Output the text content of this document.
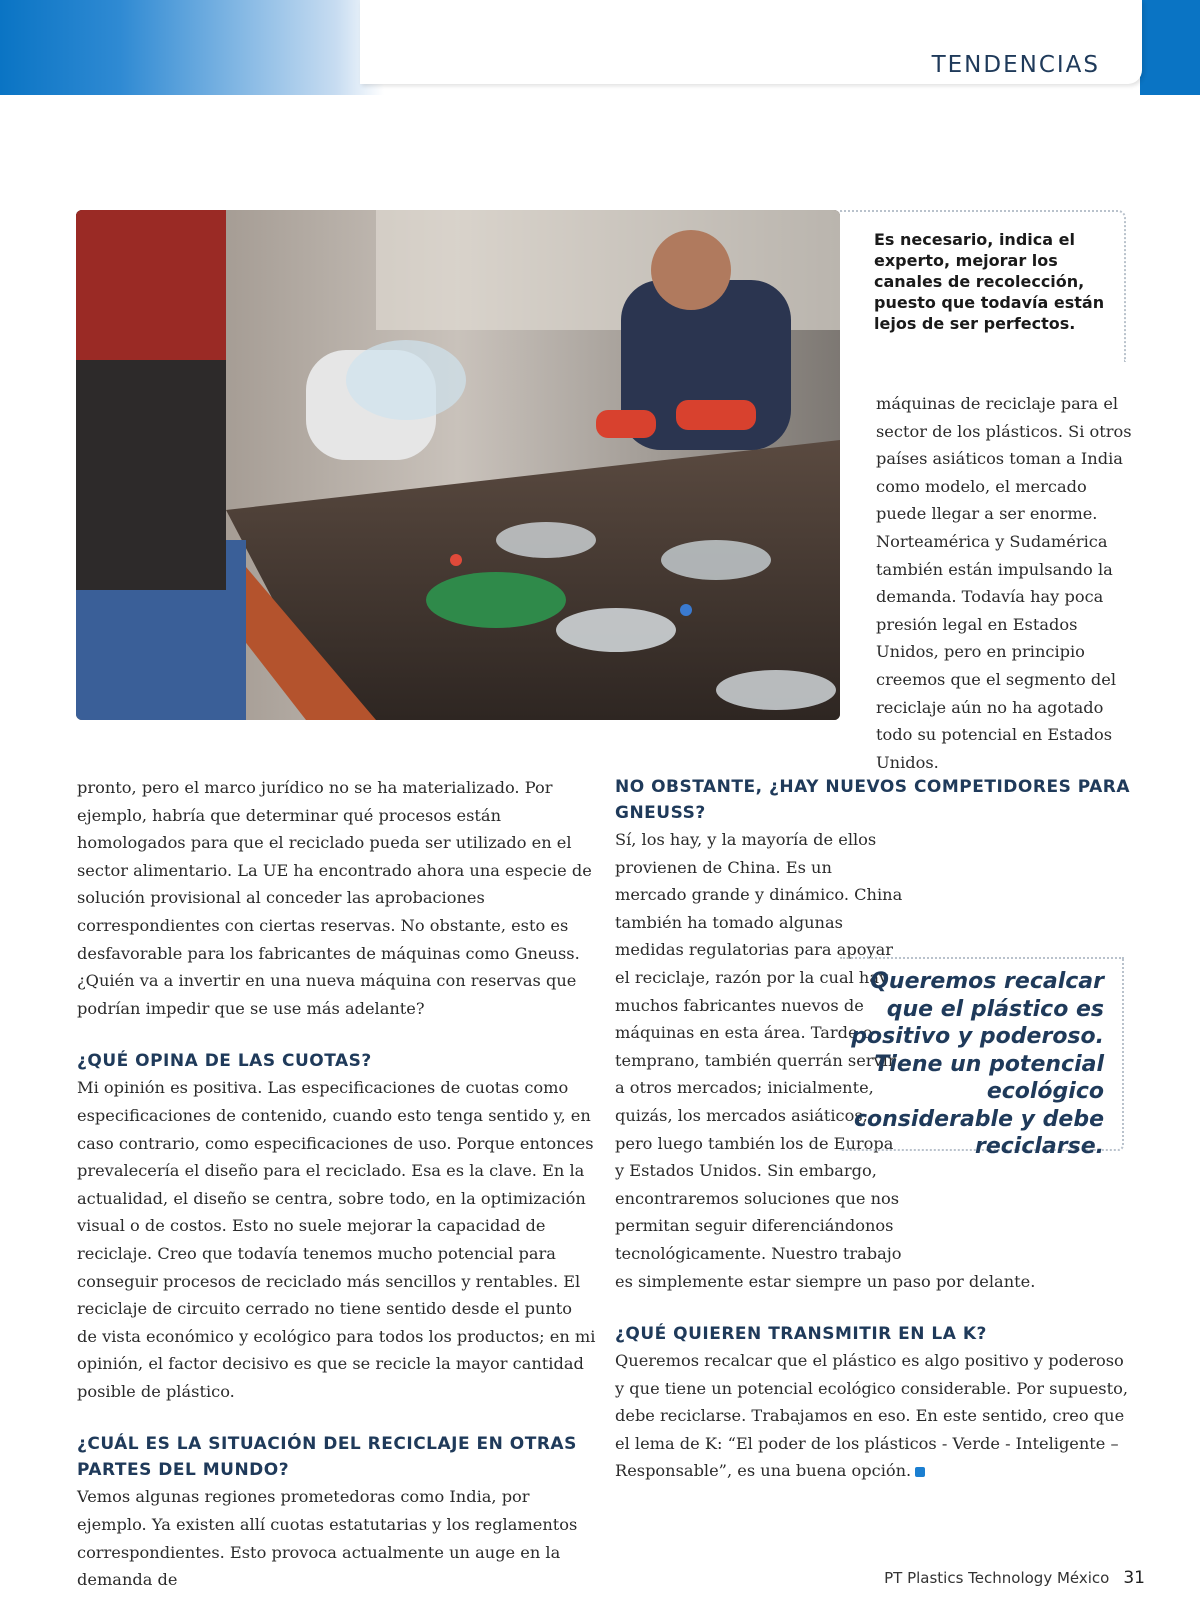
TENDENCIAS
Es necesario, indica el experto, mejorar los canales de recolección, puesto que todavía están lejos de ser perfectos.
máquinas de reciclaje para el sector de los plásticos. Si otros países asiáticos toman a India como modelo, el mercado puede llegar a ser enorme. Norteamérica y Sudamérica también están impulsando la demanda. Todavía hay poca presión legal en Estados Unidos, pero en principio creemos que el segmento del reciclaje aún no ha agotado todo su potencial en Estados Unidos.

pronto, pero el marco jurídico no se ha materializado. Por ejemplo, habría que determinar qué procesos están homologados para que el reciclado pueda ser utilizado en el sector alimentario. La UE ha encontrado ahora una especie de solución provisional al conceder las aprobaciones correspondientes con ciertas reservas. No obstante, esto es desfavorable para los fabricantes de máquinas como Gneuss. ¿Quién va a invertir en una nueva máquina con reservas que podrían impedir que se use más adelante?

¿QUÉ OPINA DE LAS CUOTAS?

Mi opinión es positiva. Las especificaciones de cuotas como especificaciones de contenido, cuando esto tenga sentido y, en caso contrario, como especificaciones de uso. Porque entonces prevalecería el diseño para el reciclado. Esa es la clave. En la actualidad, el diseño se centra, sobre todo, en la optimización visual o de costos. Esto no suele mejorar la capacidad de reciclaje. Creo que todavía tenemos mucho potencial para conseguir procesos de reciclado más sencillos y rentables. El reciclaje de circuito cerrado no tiene sentido desde el punto de vista económico y ecológico para todos los productos; en mi opinión, el factor decisivo es que se recicle la mayor cantidad posible de plástico.

¿CUÁL ES LA SITUACIÓN DEL RECICLAJE EN OTRAS PARTES DEL MUNDO?

Vemos algunas regiones prometedoras como India, por ejemplo. Ya existen allí cuotas estatutarias y los reglamentos correspondientes. Esto provoca actualmente un auge en la demanda de

NO OBSTANTE, ¿HAY NUEVOS COMPETIDORES PARA GNEUSS?

Sí, los hay, y la mayoría de ellos provienen de China. Es un mercado grande y dinámico. China también ha tomado algunas medidas regulatorias para apoyar el reciclaje, razón por la cual hay muchos fabricantes nuevos de máquinas en esta área. Tarde o temprano, también querrán servir a otros mercados; inicialmente, quizás, los mercados asiáticos, pero luego también los de Europa y Estados Unidos. Sin embargo, encontraremos soluciones que nos permitan seguir diferenciándonos tecnológicamente. Nuestro trabajo es simplemente estar siempre un paso por delante.

¿QUÉ QUIEREN TRANSMITIR EN LA K?

Queremos recalcar que el plástico es algo positivo y poderoso y que tiene un potencial ecológico considerable. Por supuesto, debe reciclarse. Trabajamos en eso. En este sentido, creo que el lema de K: “El poder de los plásticos - Verde - Inteligente – Responsable”, es una buena opción.

Queremos recalcar que el plástico es positivo y poderoso. Tiene un potencial ecológico considerable y debe reciclarse.
PT Plastics Technology México 31
